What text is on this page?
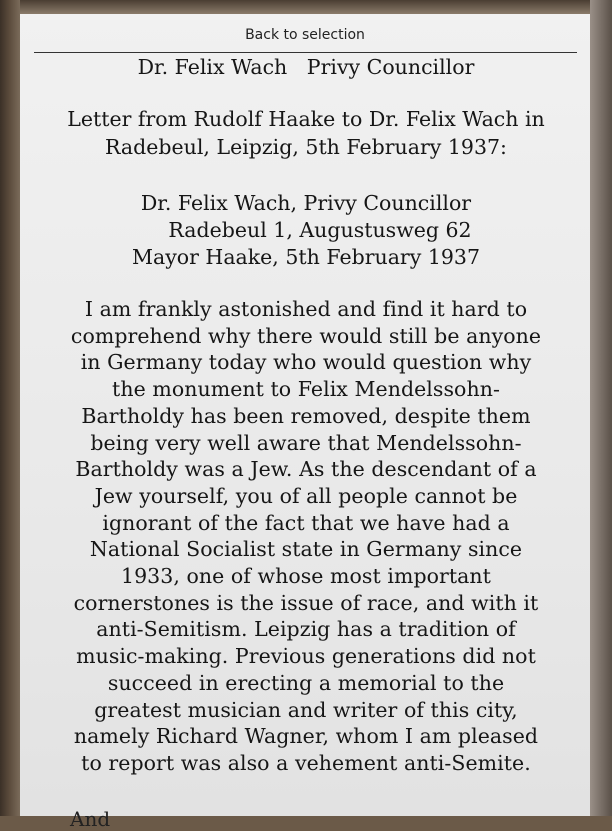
Back to selection
Dr. Felix Wach   Privy Councillor
Letter from Rudolf Haake to Dr. Felix Wach in
Radebeul, Leipzig, 5th February 1937:
Dr. Felix Wach, Privy Councillor
Radebeul 1, Augustusweg 62
Mayor Haake, 5th February 1937
I am frankly astonished and find it hard to
comprehend why there would still be anyone
in Germany today who would question why
the monument to Felix Mendelssohn-
Bartholdy has been removed, despite them
being very well aware that Mendelssohn-
Bartholdy was a Jew. As the descendant of a
Jew yourself, you of all people cannot be
ignorant of the fact that we have had a
National Socialist state in Germany since
1933, one of whose most important
cornerstones is the issue of race, and with it
anti-Semitism. Leipzig has a tradition of
music-making. Previous generations did not
succeed in erecting a memorial to the
greatest musician and writer of this city,
namely Richard Wagner, whom I am pleased
to report was also a vehement anti-Semite.
And
